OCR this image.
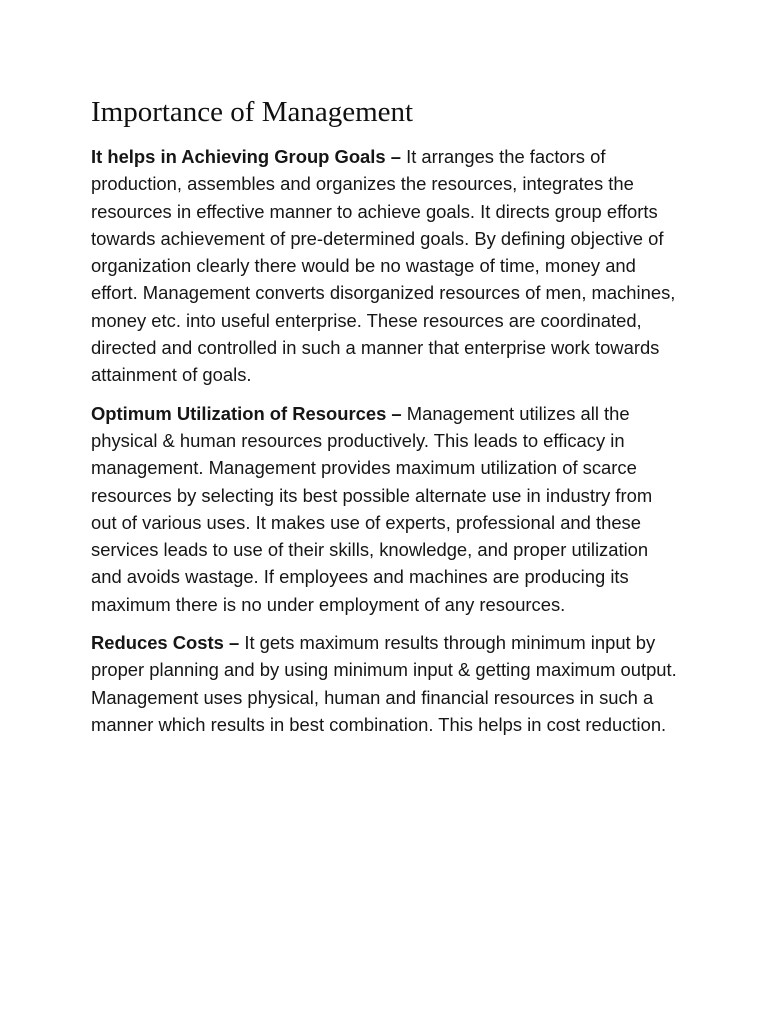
Importance of Management

It helps in Achieving Group Goals – It arranges the factors of production, assembles and organizes the resources, integrates the resources in effective manner to achieve goals. It directs group efforts towards achievement of pre-determined goals. By defining objective of organization clearly there would be no wastage of time, money and effort. Management converts disorganized resources of men, machines, money etc. into useful enterprise. These resources are coordinated, directed and controlled in such a manner that enterprise work towards attainment of goals.

Optimum Utilization of Resources – Management utilizes all the physical & human resources productively. This leads to efficacy in management. Management provides maximum utilization of scarce resources by selecting its best possible alternate use in industry from out of various uses. It makes use of experts, professional and these services leads to use of their skills, knowledge, and proper utilization and avoids wastage. If employees and machines are producing its maximum there is no under employment of any resources.

Reduces Costs – It gets maximum results through minimum input by proper planning and by using minimum input & getting maximum output. Management uses physical, human and financial resources in such a manner which results in best combination. This helps in cost reduction.
